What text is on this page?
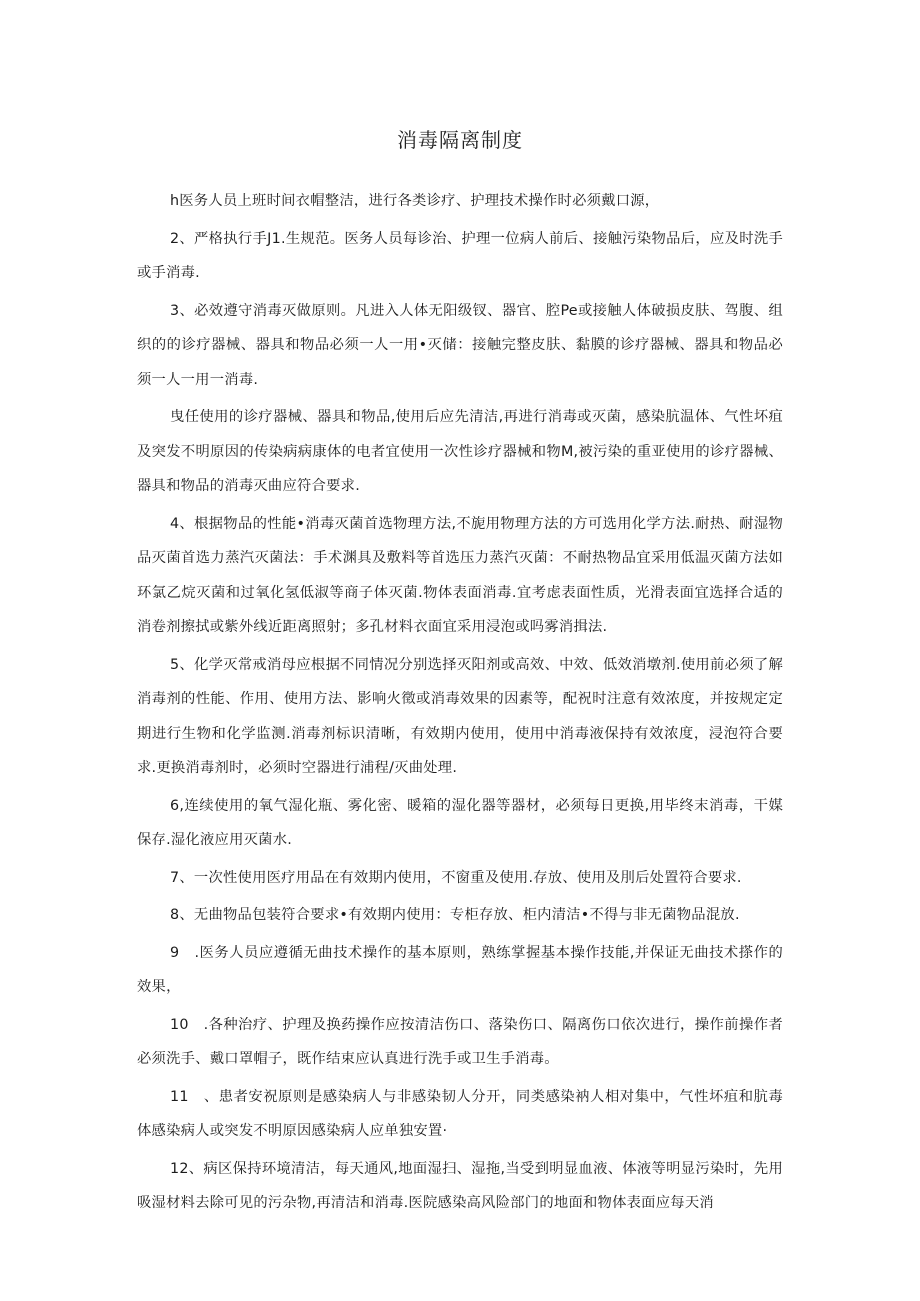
消毒隔离制度

h医务人员上班时间衣帽整洁，进行各类诊疗、护理技术操作时必须戴口源，

2、严格执行手J1.生规范。医务人员每诊治、护理一位病人前后、接触污染物品后，应及时洗手或手消毒.

3、必效遵守消毒灭做原则。凡进入人体无阳级钗、器官、腔Pe或接触人体破损皮肤、驾腹、组织的的诊疗器械、器具和物品必须一人一用•灭储：接触完整皮肤、黏膜的诊疗器械、器具和物品必须一人一用一消毒.

曳任使用的诊疗器械、器具和物品,使用后应先清洁,再进行消毒或灭菌，感染肮温体、气性坏疽及突发不明原因的传染病病康体的电者宜使用一次性诊疗器械和物M,被污染的重亚使用的诊疗器械、器具和物品的消毒灭曲应符合要求.

4、根据物品的性能•消毒灭菌首选物理方法,不旎用物理方法的方可选用化学方法.耐热、耐湿物品灭菌首选力蒸汽灭菌法：手术渊具及敷料等首选压力蒸汽灭菌：不耐热物品宜采用低温灭菌方法如环氯乙烷灭菌和过氧化氢低淑等商子体灭菌.物体表面消毒.宜考虑表面性质，光滑表面宜选择合适的消卷剂擦拭或紫外线近距离照射；多孔材料衣面宜采用浸泡或吗雾消揖法.

5、化学灭常戒消母应根据不同情况分别选择灭阳剂或高效、中效、低效消墩剂.使用前必须了解消毒剂的性能、作用、使用方法、影响火徵或消毒效果的因素等，配祝时注意有效浓度，并按规定定期进行生物和化学监测.消毒剂标识清晰，有效期内使用，使用中消毒液保持有效浓度，浸泡符合要求.更换消毒剂时，必须时空器进行浦程/灭曲处理.

6,连续使用的氧气湿化瓶、雾化密、暖箱的湿化器等器材，必须每日更换,用毕终末消毒，干媒保存.湿化液应用灭菌水.

7、一次性使用医疗用品在有效期内使用，不窗重及使用.存放、使用及刖后处置符合要求.

8、无曲物品包装符合要求•有效期内使用：专柜存放、柜内清洁•不得与非无菌物品混放.

9　.医务人员应遵循无曲技术操作的基本原则，熟练掌握基本操作技能,并保证无曲技术搽作的效果，

10　.各种治疗、护理及换药操作应按清洁伤口、落染伤口、隔离伤口依次进行，操作前操作者必须洗手、戴口罩帽子，既作结束应认真进行洗手或卫生手消毒。

11　、患者安祝原则是感染病人与非感染韧人分开，同类感染衲人相对集中，气性坏疽和肮毒体感染病人或突发不明原因感染病人应单独安置·

12、病区保持环境清洁，每天通风,地面湿扫、湿拖,当受到明显血液、体液等明显污染时，先用吸湿材料去除可见的污杂物,再清洁和消毒.医院感染高风险部门的地面和物体表面应每天消
